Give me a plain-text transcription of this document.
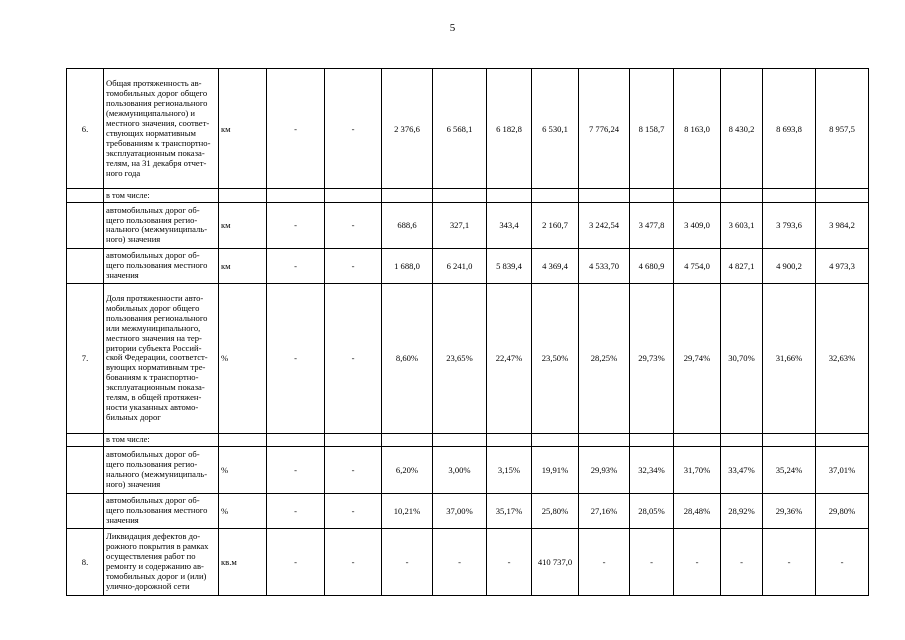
5
6.	Общая протяженность ав-томобильных дорог общего пользования регионального (межмуниципального) и местного значения, соответ-ствующих нормативным требованиям к транспортно-эксплуатационным показа-телям, на 31 декабря отчет-ного года	км	-	-	2 376,6	6 568,1	6 182,8	6 530,1	7 776,24	8 158,7	8 163,0	8 430,2	8 693,8	8 957,5
	в том числе:													
	автомобильных дорог об-щего пользования регио-нального (межмуниципаль-ного) значения	км	-	-	688,6	327,1	343,4	2 160,7	3 242,54	3 477,8	3 409,0	3 603,1	3 793,6	3 984,2
	автомобильных дорог об-щего пользования местного значения	км	-	-	1 688,0	6 241,0	5 839,4	4 369,4	4 533,70	4 680,9	4 754,0	4 827,1	4 900,2	4 973,3
7.	Доля протяженности авто-мобильных дорог общего пользования регионального или межмуниципального, местного значения на тер-ритории субъекта Россий-ской Федерации, соответст-вующих нормативным тре-бованиям к транспортно-эксплуатационным показа-телям, в общей протяжен-ности указанных автомо-бильных дорог	%	-	-	8,60%	23,65%	22,47%	23,50%	28,25%	29,73%	29,74%	30,70%	31,66%	32,63%
	в том числе:													
	автомобильных дорог об-щего пользования регио-нального (межмуниципаль-ного) значения	%	-	-	6,20%	3,00%	3,15%	19,91%	29,93%	32,34%	31,70%	33,47%	35,24%	37,01%
	автомобильных дорог об-щего пользования местного значения	%	-	-	10,21%	37,00%	35,17%	25,80%	27,16%	28,05%	28,48%	28,92%	29,36%	29,80%
8.	Ликвидация дефектов до-рожного покрытия в рамках осуществления работ по ремонту и содержанию ав-томобильных дорог и (или) улично-дорожной сети	кв.м	-	-	-	-	-	410 737,0	-	-	-	-	-	-
